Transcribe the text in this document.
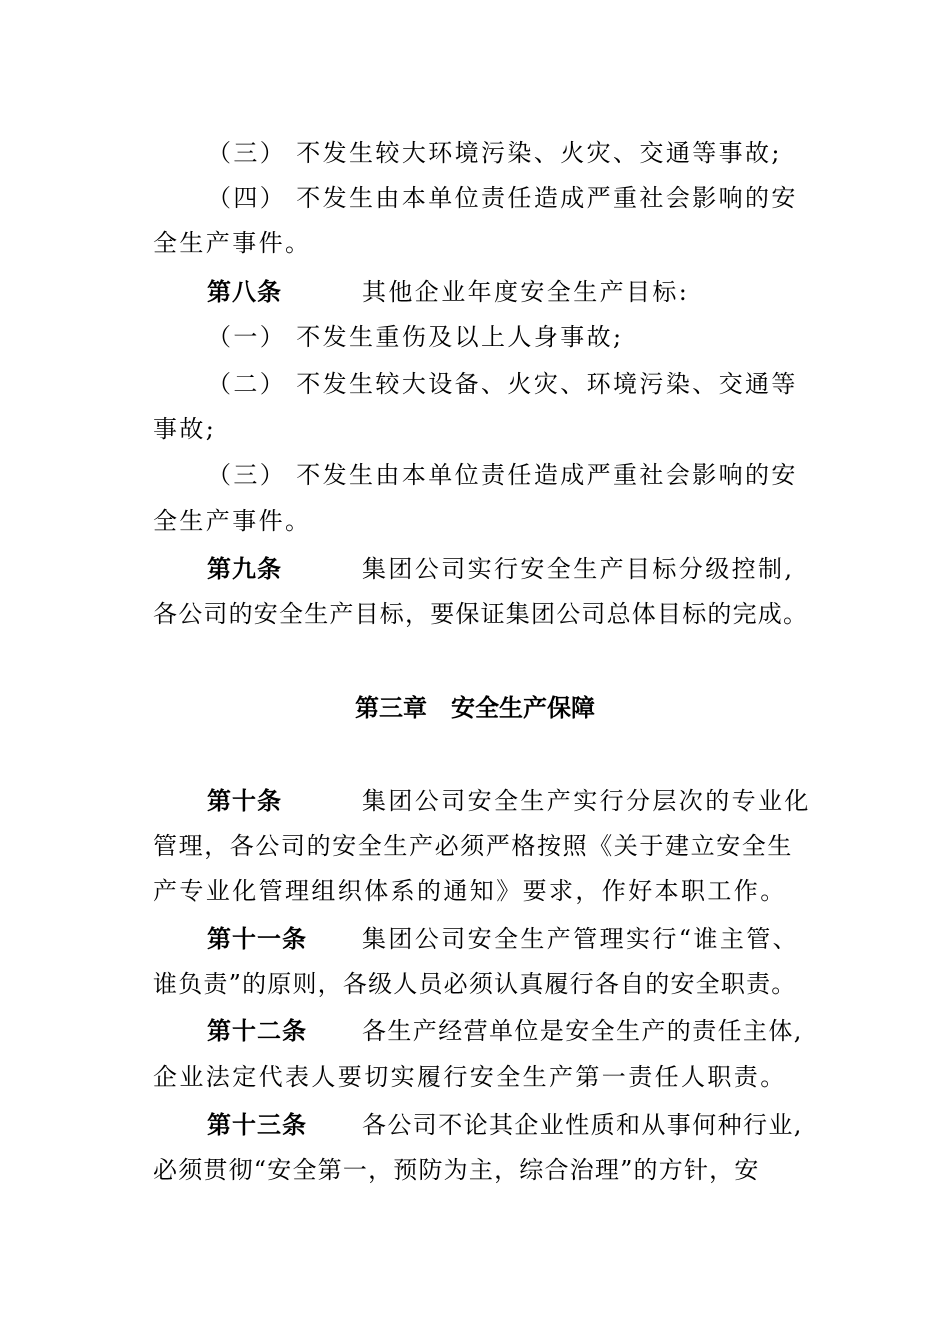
（三） 不发生较大环境污染、火灾、交通等事故;
（四） 不发生由本单位责任造成严重社会影响的安
全生产事件。
第八条	其他企业年度安全生产目标:
（一） 不发生重伤及以上人身事故;
（二） 不发生较大设备、火灾、环境污染、交通等
事故;
（三） 不发生由本单位责任造成严重社会影响的安
全生产事件。
第九条	集团公司实行安全生产目标分级控制,
各公司的安全生产目标，要保证集团公司总体目标的完成。
第三章　安全生产保障
第十条	集团公司安全生产实行分层次的专业化
管理，各公司的安全生产必须严格按照《关于建立安全生
产专业化管理组织体系的通知》要求，作好本职工作。
第十一条 集团公司安全生产管理实行“谁主管、
谁负责”的原则，各级人员必须认真履行各自的安全职责。
第十二条 各生产经营单位是安全生产的责任主体,
企业法定代表人要切实履行安全生产第一责任人职责。
第十三条 各公司不论其企业性质和从事何种行业,
必须贯彻“安全第一，预防为主，综合治理”的方针，安
